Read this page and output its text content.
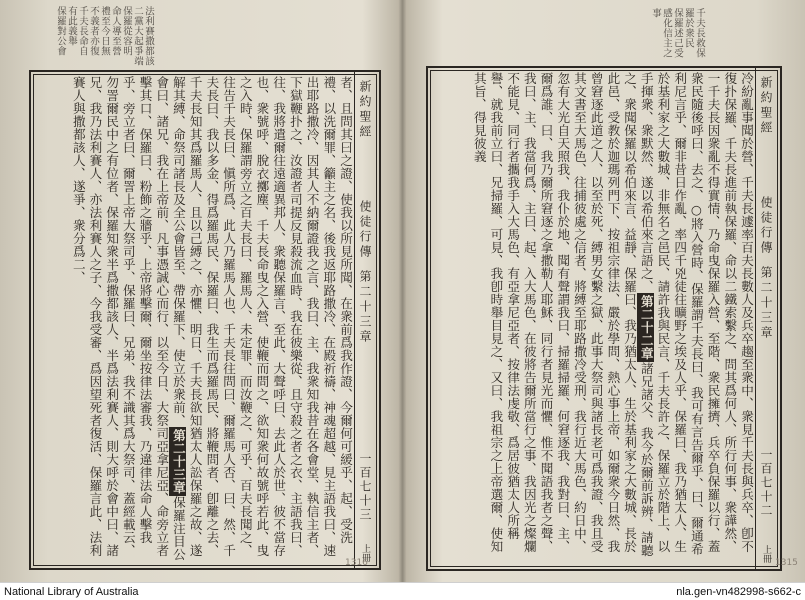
法利賽撒都該
二黨大起爭端
保羅從容明
命人導至營
禮至今日無
不義者亦復
千夫長命自
有此義舉
保羅對公會

者、且問其曰之證、使我以所見所聞、在衆前爲我作證、今爾何可緩乎、起、受洗禮、以洗爾罪、籲主之名、後我返耶路撒冷、在殿祈禱、神魂超越、見主語我曰、速出耶路撒冷、因其人不納爾證我之言、我曰、主、我衆知我昔在各會堂、執信主者、下獄鞭扑之、汝證者司提反見殺流血時、我在彼樂從、且守殺之者之衣、主語我曰、往、我將遣爾往遠適異邦人、衆聽保羅言、至此、大聲呼曰、去此人於世、彼不當存也、衆號呼、脫衣擲塵、千夫長命曳之入營、使鞭而問之、欲知衆何故號呼若此、曳之入時、保羅謂旁立之百夫長曰、羅馬人、未定罪、而汝鞭之、可乎、百夫長聞之、往告千夫長曰、愼所爲、此人乃羅馬人也、千夫長往問曰、爾羅馬人否、曰、然、千夫長曰、我以多金、得爲羅馬民、保羅曰、我生而爲羅馬民、將鞭問者、卽離之去、千夫長知其爲羅馬人、且以己縛之、亦懼、明日、千夫長欲知猶太人訟保羅之故、遂解其縛、命祭司諸長及全公會皆至、帶保羅下、使立於衆前、第二十三章保羅注目公會曰、諸兄、我在上帝前、凡事憑誠心而行、以至今日、大祭司亞拿尼亞、命旁立者擊其口、保羅曰、粉飾之牆乎、上帝將擊爾、爾坐按律法審我、乃違律法命人擊我乎、旁立者曰、爾詈上帝大祭司乎、保羅曰、兄弟、我不識其爲大祭司、蓋經載云、勿詈爾民中之有位者、保羅知衆半爲撒都該人、半爲法利賽人、則大呼於會中曰、諸兄、我乃法利賽人、亦法利賽人之子、今我受審、爲因望死者復活、保羅言此、法利賽人與撒都該人、遂爭、衆分爲二、	新約聖經
使徒行傳
第二十三章
一百七十三
上冊
1316
千夫長救保
羅於衆民
保羅述己受
感化信主之
事

冷紛亂事聞於營、千夫長遽率百夫長數人及兵卒趨至衆中、衆見千夫長與兵卒、卽不復扑保羅、千夫長進前執保羅、命以二鐵索繫之、問其爲何人、所行何事、衆譁然、一千夫長因衆亂不得實情、乃命曳保羅入營、至階、衆民擁擠、兵卒負保羅以行、蓋衆民隨後呼曰、去之、○將入營時、保羅謂千夫長曰、我可有言告爾乎、曰、爾通希利尼言乎、爾非昔日作亂、率四千兇徒往曠野之埃及人乎、保羅曰、我乃猶太人、生於基利家之大數城、非無名之邑民、請許我與民言、千夫長許之、保羅立於階上、以手揮衆、衆默然、遂以希伯來言語之、第二十二章諸兄諸父、我今於爾前訴辨、請聽之、衆聞保羅以希伯來言、益靜、保羅曰、我乃猶太人、生於基利家之大數城、長於此邑、受教於迦瑪列門下、按祖宗律法、嚴於學問、熱心事上帝、如爾衆今日然、我曾窘逐此道之人、以至於死、縛男女繫之獄、此事大祭司與諸長老可爲我證、我且受其文書至大馬色、往捕彼處之信者、將縛至耶路撒冷受刑、我行近大馬色、約日中、忽有大光自天照我、我仆於地、聞有聲謂我曰、掃羅掃羅、何窘逐我、我對曰、主、爾爲誰、曰、我乃爾所窘逐之拿撒勒人耶穌、同行者見光而懼、惟不聞語我者之聲、我曰、主、我當何爲、主曰、起、入大馬色、在彼將告爾所當行之事、我因光之燦爛不能見、同行者攜我手入大馬色、有亞拿尼亞者、按律法虔敬、爲居彼猶太人所稱譽、就我前立曰、兄掃羅、可見、我卽時舉目見之、又曰、我祖宗之上帝選爾、使知其旨、得見彼義	新約聖經
使徒行傳
第二十三章
一百七十二
上冊 1315
National Library of Australia	nla.gen-vn482998-s662-c
